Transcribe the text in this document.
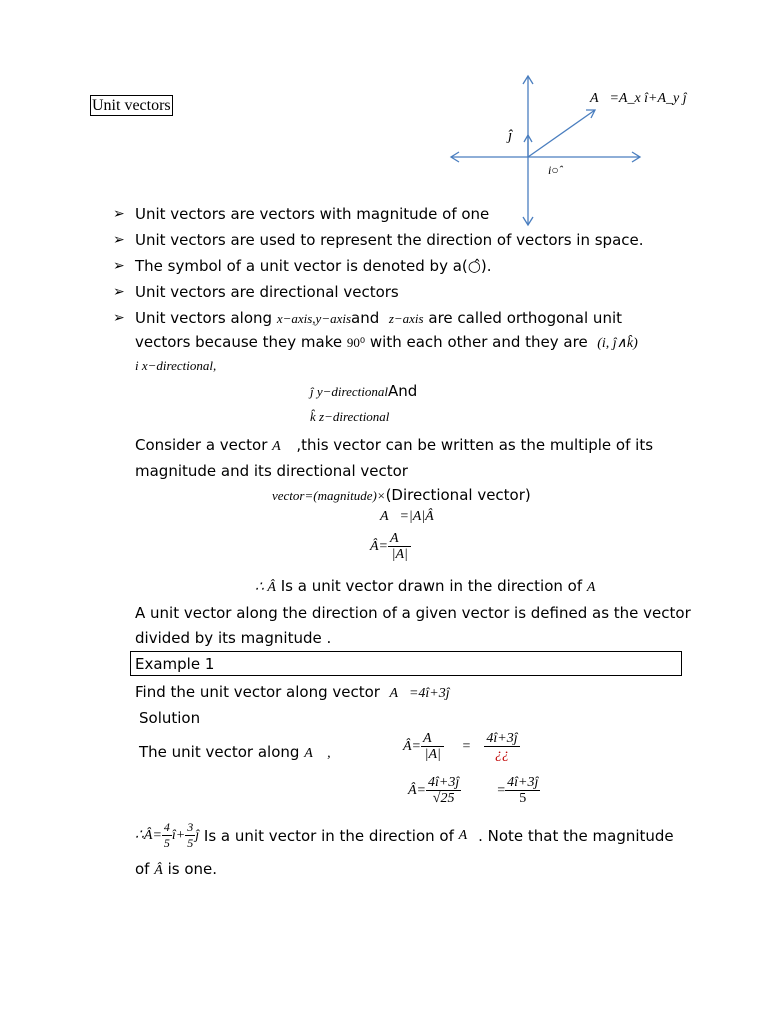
Unit vectors	A⃗=A_x î+A_y ĵ
ĵ
i○̂
➢ Unit vectors are vectors with magnitude of one
➢ Unit vectors are used to represent the direction of vectors in space.
➢ The symbol of a unit vector is denoted by a(○̂).
➢ Unit vectors are directional vectors
➢ Unit vectors along x−axis,y−axisand z−axis are called orthogonal unit
vectors because they make 90⁰ with each other and they are (i, ĵ∧k̂)
i x−directional,
ĵ y−directionalAnd
k̂ z−directional
Consider a vector A⃗ ,this vector can be written as the multiple of its
magnitude and its directional vector
vector=(magnitude)×(Directional vector)
A⃗=|A|Â
Â= $\frac{A⃗}{|A|}$
∴ Â Is a unit vector drawn in the direction of A⃗
A unit vector along the direction of a given vector is defined as the vector
divided by its magnitude .
Example 1
Find the unit vector along vector A⃗=4î+3ĵ
Solution
The unit vector along A⃗ ,	Â= $\frac{A⃗}{|A|} = \frac{4î+3ĵ}{¿¿}$
Â= $\frac{4î+3ĵ}{√25}$	= $\frac{4î+3ĵ}{5}$
∴Â= $\frac{4}{5}$ î+ $\frac{3}{5}$ ĵ
Is a unit vector in the direction of
A⃗ . Note that the magnitude
of Â is one.
